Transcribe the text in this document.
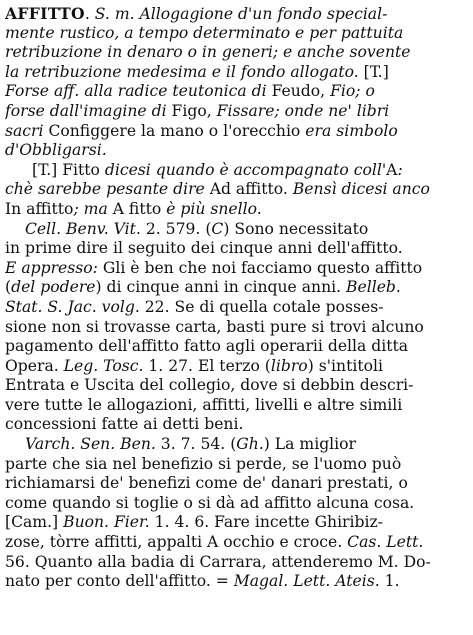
AFFITTO. S. m. Allogagione d'un fondo special-
mente rustico, a tempo determinato e per pattuita
retribuzione in denaro o in generi; e anche sovente
la retribuzione medesima e il fondo allogato. [T.]
Forse aff. alla radice teutonica di Feudo, Fio; o
forse dall'imagine di Figo, Fissare; onde ne' libri
sacri Configgere la mano o l'orecchio era simbolo
d'Obbligarsi.
[T.] Fitto dicesi quando è accompagnato coll'A:
chè sarebbe pesante dire Ad affitto. Bensì dicesi anco
In affitto; ma A fitto è più snello.
Cell. Benv. Vit. 2. 579. (C) Sono necessitato
in prime dire il seguito dei cinque anni dell'affitto.
E appresso: Gli è ben che noi facciamo questo affitto
(del podere) di cinque anni in cinque anni. Belleb.
Stat. S. Jac. volg. 22. Se di quella cotale posses-
sione non si trovasse carta, basti pure si trovi alcuno
pagamento dell'affitto fatto agli operarii della ditta
Opera. Leg. Tosc. 1. 27. El terzo (libro) s'intitoli
Entrata e Uscita del collegio, dove si debbin descri-
vere tutte le allogazioni, affitti, livelli e altre simili
concessioni fatte ai detti beni.
Varch. Sen. Ben. 3. 7. 54. (Gh.) La miglior
parte che sia nel benefizio si perde, se l'uomo può
richiamarsi de' benefizi come de' danari prestati, o
come quando si toglie o si dà ad affitto alcuna cosa.
[Cam.] Buon. Fier. 1. 4. 6. Fare incette Ghiribiz-
zose, tòrre affitti, appalti A occhio e croce. Cas. Lett.
56. Quanto alla badia di Carrara, attenderemo M. Do-
nato per conto dell'affitto. = Magal. Lett. Ateis. 1.
